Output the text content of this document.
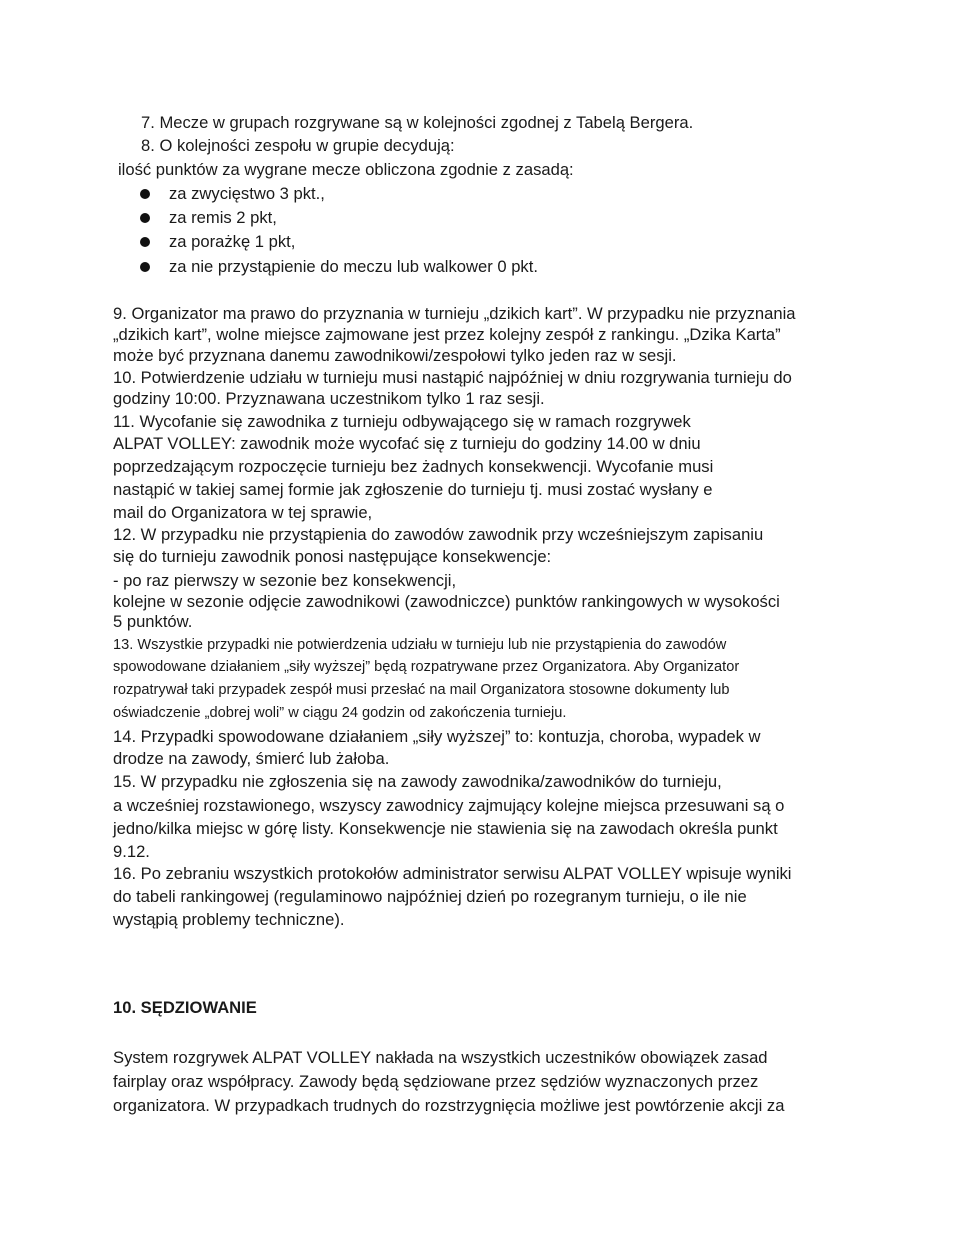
7. Mecze w grupach rozgrywane są w kolejności zgodnej z Tabelą Bergera.

8. O kolejności zespołu w grupie decydują:

ilość punktów za wygrane mecze obliczona zgodnie z zasadą:

za zwycięstwo 3 pkt.,

za remis 2 pkt,

za porażkę 1 pkt,

za nie przystąpienie do meczu lub walkower 0 pkt.

9. Organizator ma prawo do przyznania w turnieju „dzikich kart”. W przypadku nie przyznania

„dzikich kart”, wolne miejsce zajmowane jest przez kolejny zespół z rankingu. „Dzika Karta”

może być przyznana danemu zawodnikowi/zespołowi tylko jeden raz w sesji.

10. Potwierdzenie udziału w turnieju musi nastąpić najpóźniej w dniu rozgrywania turnieju do

godziny 10:00. Przyznawana uczestnikom tylko 1 raz sesji.

11. Wycofanie się zawodnika z turnieju odbywającego się w ramach rozgrywek

ALPAT VOLLEY: zawodnik może wycofać się z turnieju do godziny 14.00 w dniu

poprzedzającym rozpoczęcie turnieju bez żadnych konsekwencji. Wycofanie musi

nastąpić w takiej samej formie jak zgłoszenie do turnieju tj. musi zostać wysłany e

mail do Organizatora w tej sprawie,

12. W przypadku nie przystąpienia do zawodów zawodnik przy wcześniejszym zapisaniu

się do turnieju zawodnik ponosi następujące konsekwencje:

- po raz pierwszy w sezonie bez konsekwencji,

kolejne w sezonie odjęcie zawodnikowi (zawodniczce) punktów rankingowych w wysokości

5 punktów.

13. Wszystkie przypadki nie potwierdzenia udziału w turnieju lub nie przystąpienia do zawodów

spowodowane działaniem „siły wyższej” będą rozpatrywane przez Organizatora. Aby Organizator

rozpatrywał taki przypadek zespół musi przesłać na mail Organizatora stosowne dokumenty lub

oświadczenie „dobrej woli” w ciągu 24 godzin od zakończenia turnieju.

14. Przypadki spowodowane działaniem „siły wyższej” to: kontuzja, choroba, wypadek w

drodze na zawody, śmierć lub żałoba.

15. W przypadku nie zgłoszenia się na zawody zawodnika/zawodników do turnieju,

a wcześniej rozstawionego, wszyscy zawodnicy zajmujący kolejne miejsca przesuwani są o

jedno/kilka miejsc w górę listy. Konsekwencje nie stawienia się na zawodach określa punkt

9.12.

16. Po zebraniu wszystkich protokołów administrator serwisu ALPAT VOLLEY wpisuje wyniki

do tabeli rankingowej (regulaminowo najpóźniej dzień po rozegranym turnieju, o ile nie

wystąpią problemy techniczne).

10. SĘDZIOWANIE

System rozgrywek ALPAT VOLLEY nakłada na wszystkich uczestników obowiązek zasad

fairplay oraz współpracy. Zawody będą sędziowane przez sędziów wyznaczonych przez

organizatora. W przypadkach trudnych do rozstrzygnięcia możliwe jest powtórzenie akcji za
